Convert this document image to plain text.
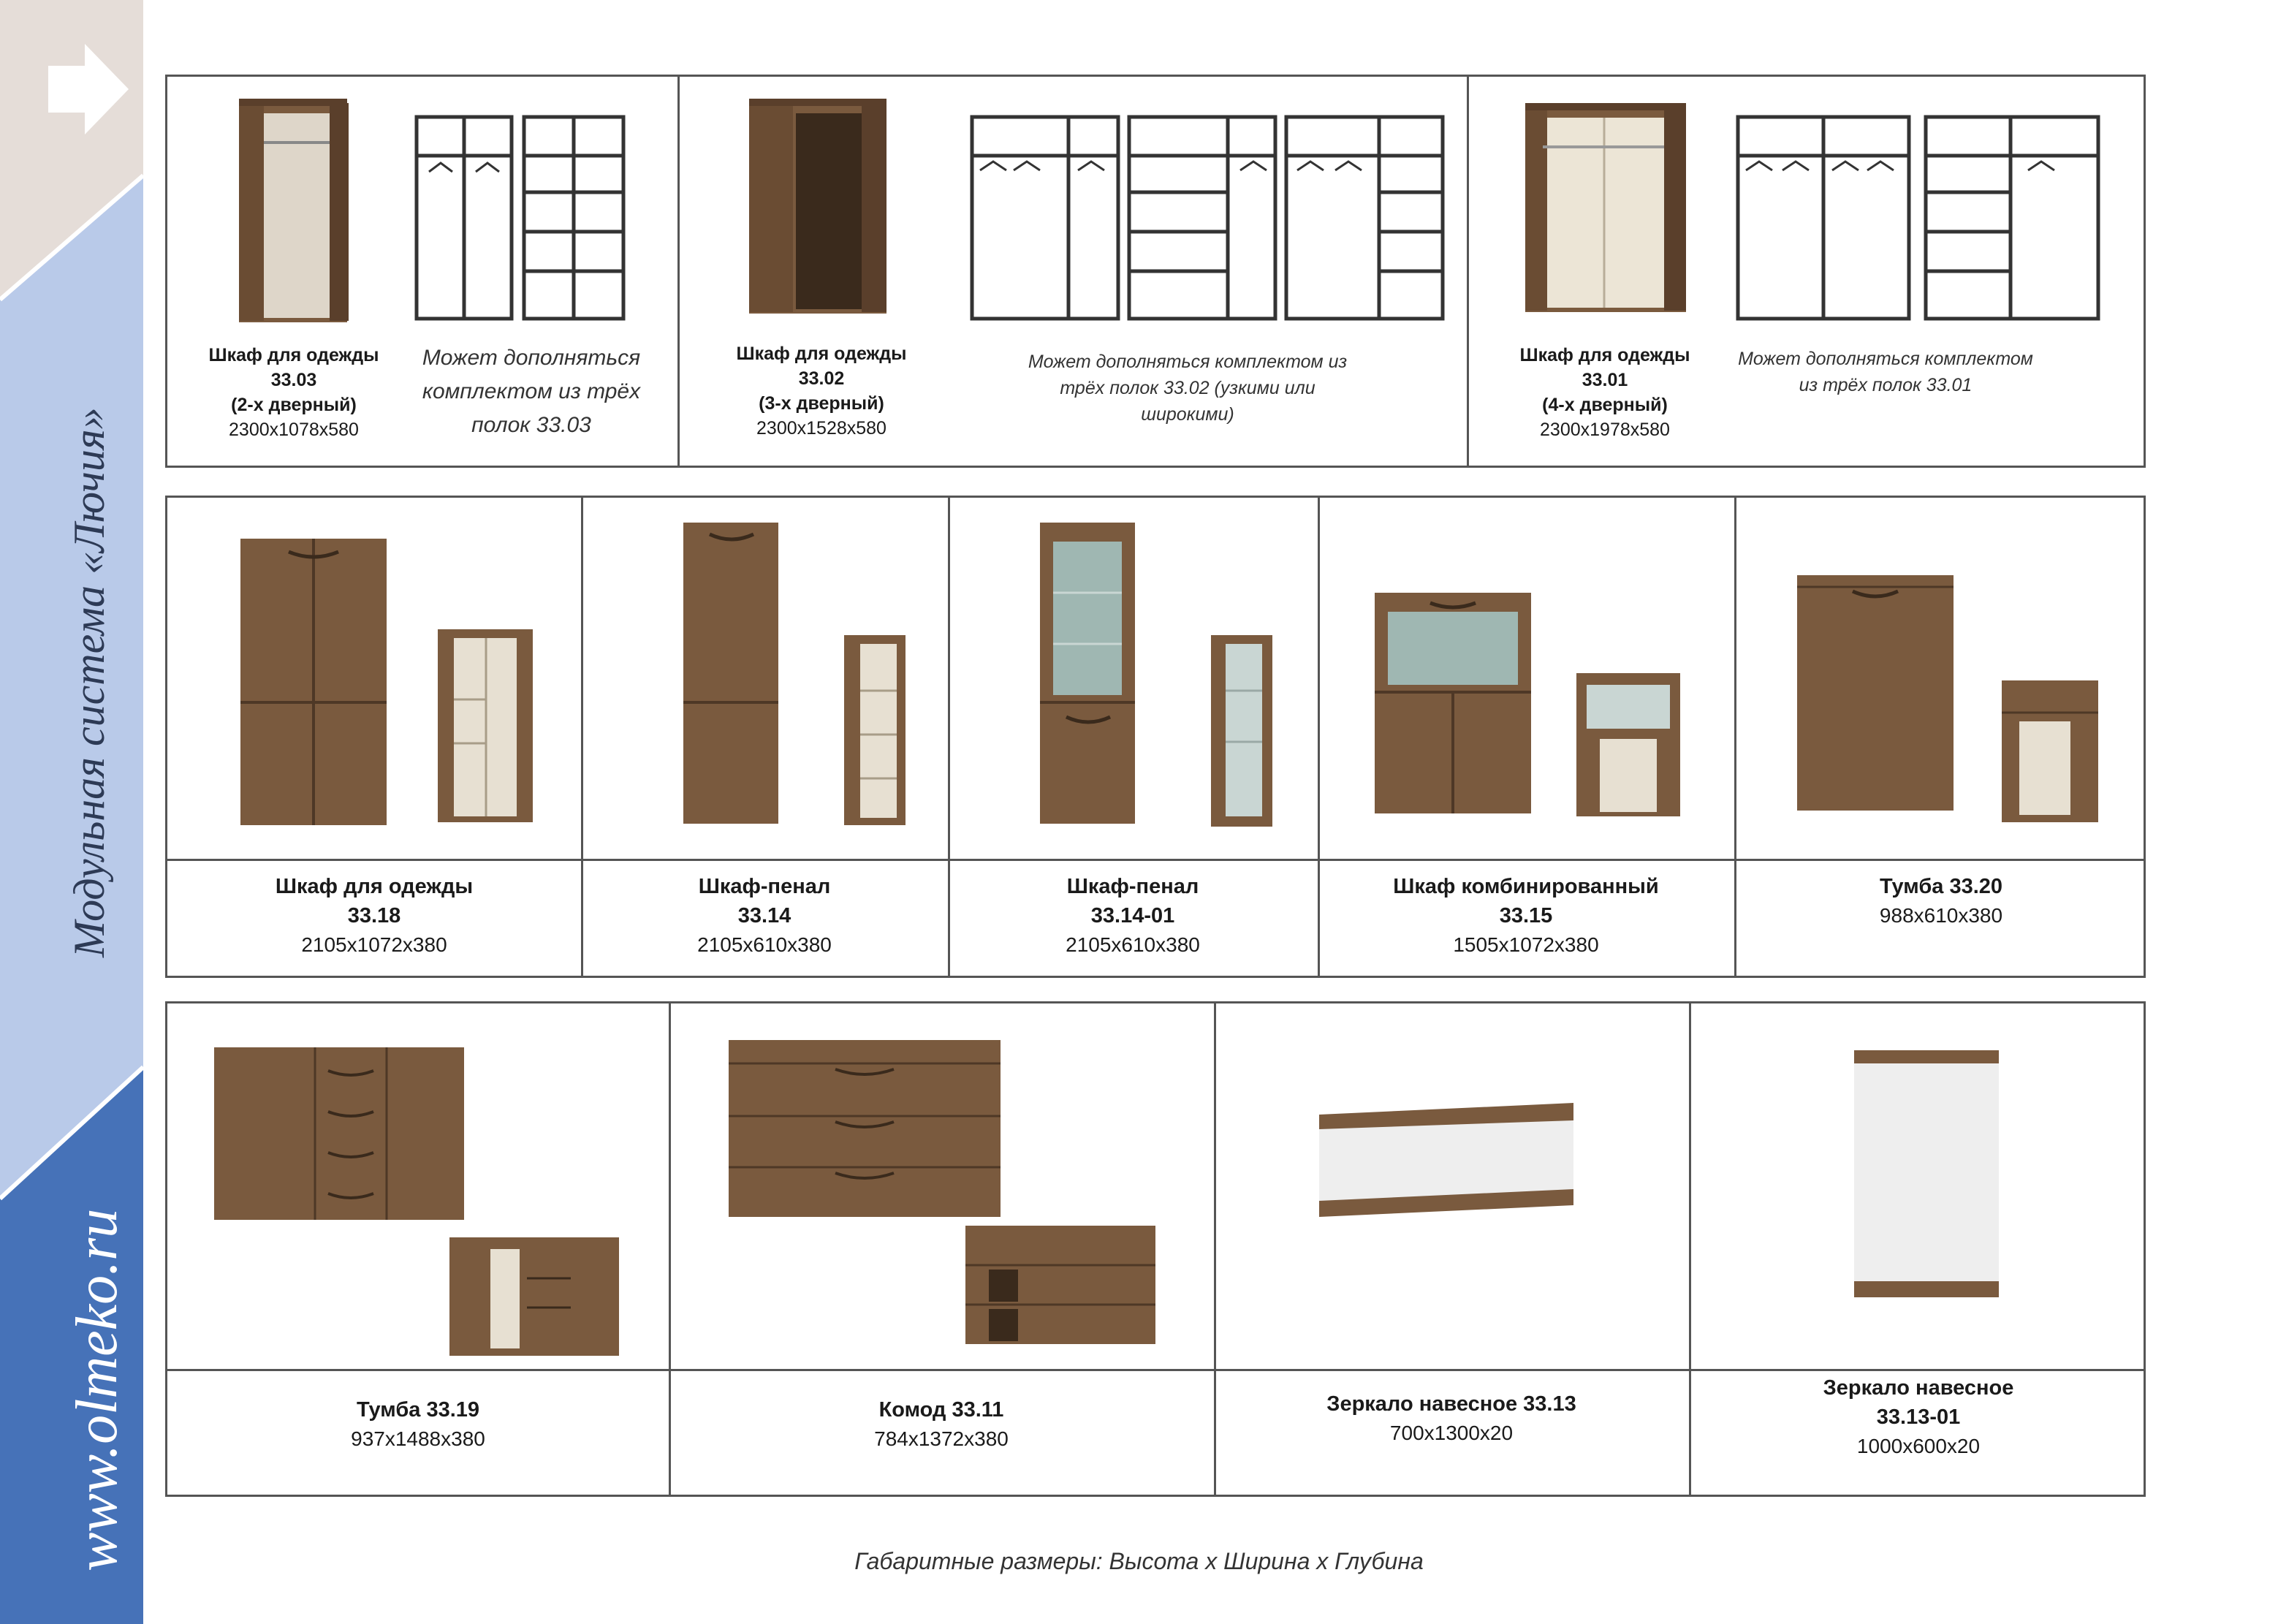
Модульная система «Лючия»
www.olmeko.ru
Шкаф для одежды
33.03
(2-х дверный)
2300x1078x580
Может дополняться комплектом из трёх полок 33.03
Шкаф для одежды
33.02
(3-х дверный)
2300x1528x580
Может дополняться комплектом из трёх полок 33.02 (узкими или широкими)
Шкаф для одежды
33.01
(4-х дверный)
2300x1978x580
Может дополняться комплектом из трёх полок 33.01
Шкаф для одежды
33.18
2105x1072x380
Шкаф-пенал
33.14
2105x610x380
Шкаф-пенал
33.14-01
2105x610x380
Шкаф комбинированный
33.15
1505x1072x380
Тумба 33.20
988x610x380
Тумба 33.19
937x1488x380
Комод 33.11
784x1372x380
Зеркало навесное 33.13
700x1300x20
Зеркало навесное
33.13-01
1000x600x20
Габаритные размеры: Высота х Ширина х Глубина
